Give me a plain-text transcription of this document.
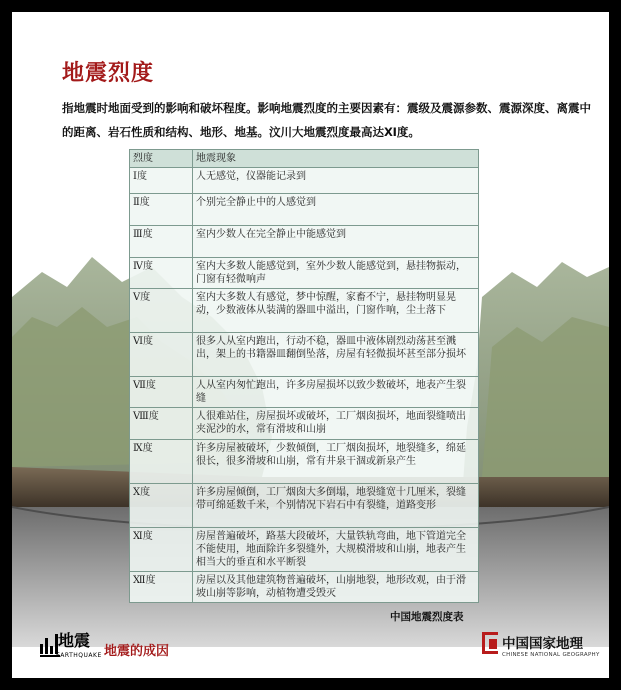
地震烈度
指地震时地面受到的影响和破坏程度。影响地震烈度的主要因素有：震级及震源参数、震源深度、离震中的距离、岩石性质和结构、地形、地基。汶川大地震烈度最高达Ⅺ度。
烈度	地震现象
Ⅰ度	人无感觉，仪器能记录到
Ⅱ度	个别完全静止中的人感觉到
Ⅲ度	室内少数人在完全静止中能感觉到
Ⅳ度	室内大多数人能感觉到，室外少数人能感觉到，悬挂物振动，门窗有轻微响声
Ⅴ度	室内大多数人有感觉，梦中惊醒，家畜不宁，悬挂物明显晃动，少数液体从装满的器皿中溢出，门窗作响，尘土落下
Ⅵ度	很多人从室内跑出，行动不稳，器皿中液体剧烈动荡甚至溅出，架上的书籍器皿翻倒坠落，房屋有轻微损坏甚至部分损坏
Ⅶ度	人从室内匆忙跑出，许多房屋损坏以致少数破坏，地表产生裂缝
Ⅷ度	人很难站住，房屋损坏或破坏，工厂烟囱损坏，地面裂缝喷出夹泥沙的水，常有滑坡和山崩
Ⅸ度	许多房屋被破坏，少数倾倒，工厂烟囱损坏，地裂缝多，绵延很长，很多滑坡和山崩，常有井泉干涸或新泉产生
Ⅹ度	许多房屋倾倒，工厂烟囱大多倒塌，地裂缝宽十几厘米，裂缝带可绵延数千米，个别情况下岩石中有裂缝，道路变形
Ⅺ度	房屋普遍破坏，路基大段破坏，大量铁轨弯曲，地下管道完全不能使用，地面除许多裂缝外，大规模滑坡和山崩，地表产生相当大的垂直和水平断裂
Ⅻ度	房屋以及其他建筑物普遍破坏，山崩地裂，地形改观，由于滑坡山崩等影响，动植物遭受毁灭
中国地震烈度表
地震
EARTHQUAKE 地震的成因	中国国家地理
CHINESE NATIONAL GEOGRAPHY
